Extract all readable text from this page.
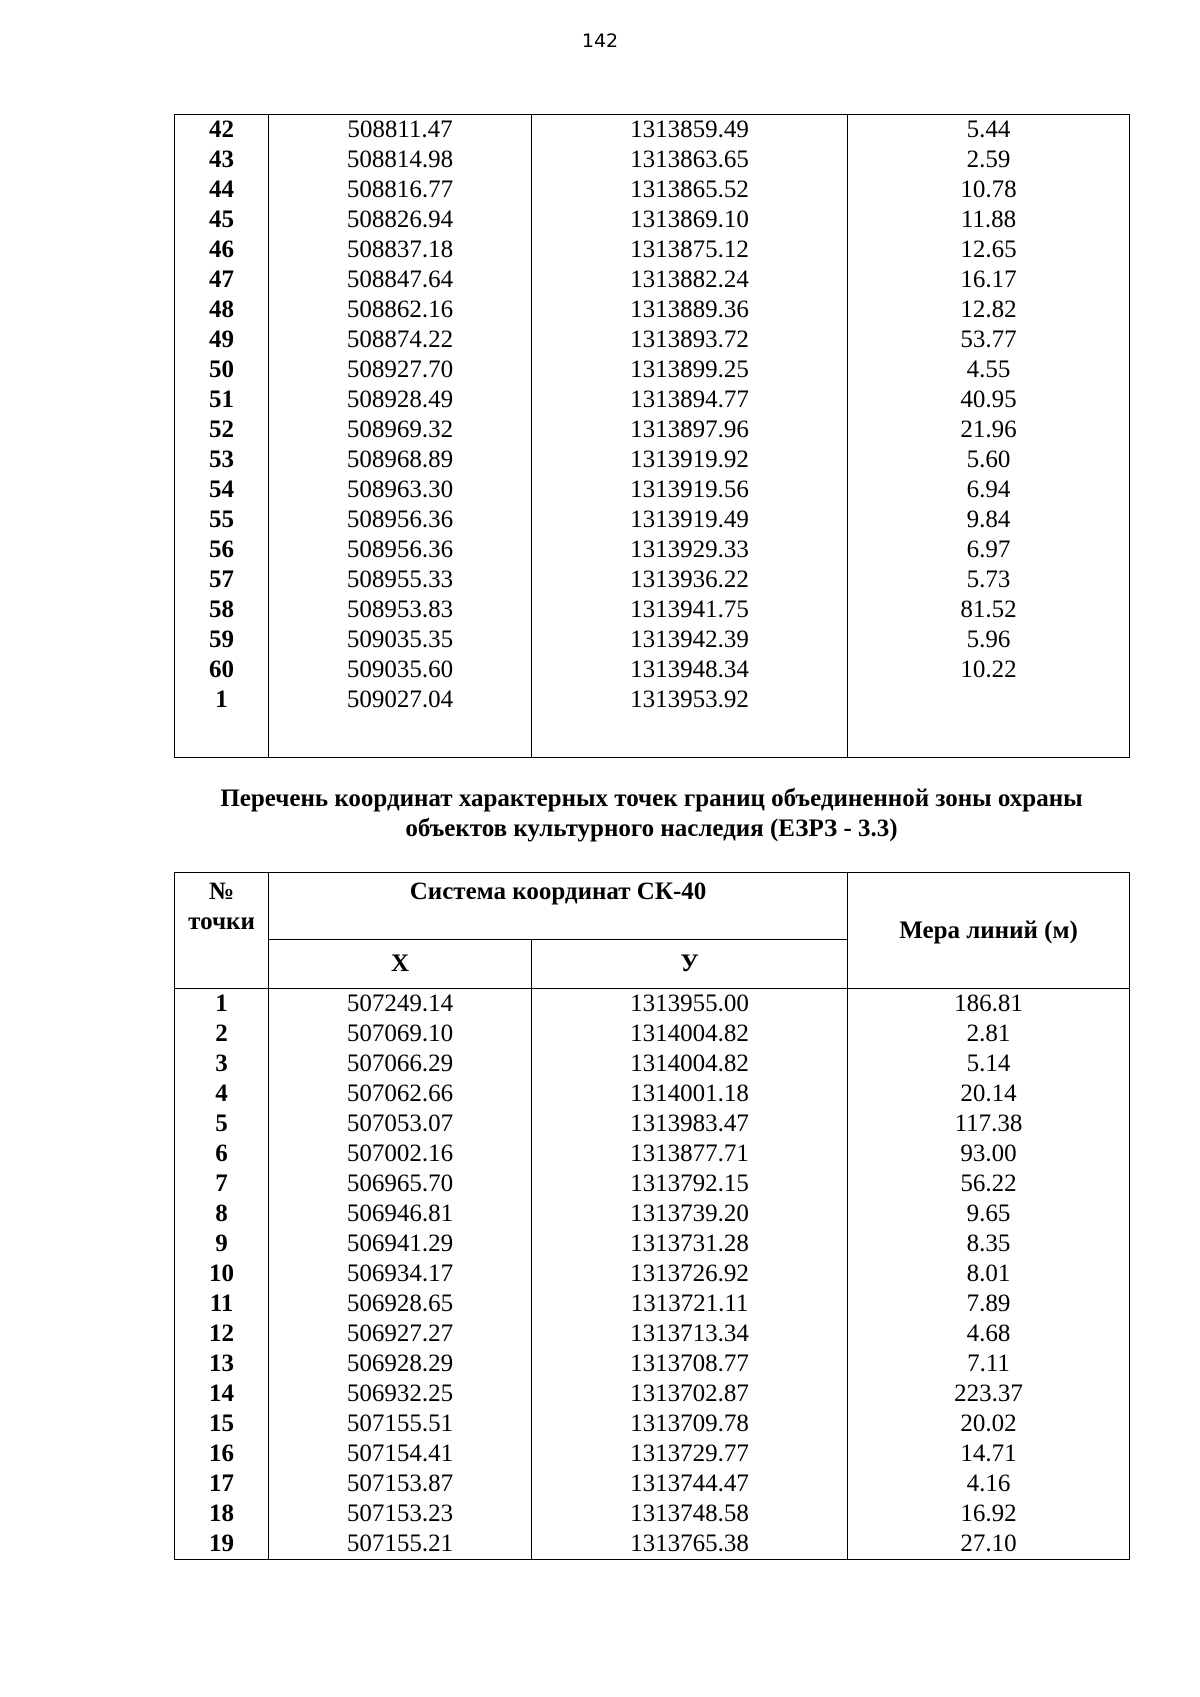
142
42	508811.47	1313859.49	5.44
43	508814.98	1313863.65	2.59
44	508816.77	1313865.52	10.78
45	508826.94	1313869.10	11.88
46	508837.18	1313875.12	12.65
47	508847.64	1313882.24	16.17
48	508862.16	1313889.36	12.82
49	508874.22	1313893.72	53.77
50	508927.70	1313899.25	4.55
51	508928.49	1313894.77	40.95
52	508969.32	1313897.96	21.96
53	508968.89	1313919.92	5.60
54	508963.30	1313919.56	6.94
55	508956.36	1313919.49	9.84
56	508956.36	1313929.33	6.97
57	508955.33	1313936.22	5.73
58	508953.83	1313941.75	81.52
59	509035.35	1313942.39	5.96
60	509035.60	1313948.34	10.22
1	509027.04	1313953.92	

Перечень координат характерных точек границ объединенной зоны охраны
объектов культурного наследия (ЕЗРЗ - 3.3)
№
точки	Система координат СК-40		Мера линий (м)
	Х	У	
1	507249.14	1313955.00	186.81
2	507069.10	1314004.82	2.81
3	507066.29	1314004.82	5.14
4	507062.66	1314001.18	20.14
5	507053.07	1313983.47	117.38
6	507002.16	1313877.71	93.00
7	506965.70	1313792.15	56.22
8	506946.81	1313739.20	9.65
9	506941.29	1313731.28	8.35
10	506934.17	1313726.92	8.01
11	506928.65	1313721.11	7.89
12	506927.27	1313713.34	4.68
13	506928.29	1313708.77	7.11
14	506932.25	1313702.87	223.37
15	507155.51	1313709.78	20.02
16	507154.41	1313729.77	14.71
17	507153.87	1313744.47	4.16
18	507153.23	1313748.58	16.92
19	507155.21	1313765.38	27.10
